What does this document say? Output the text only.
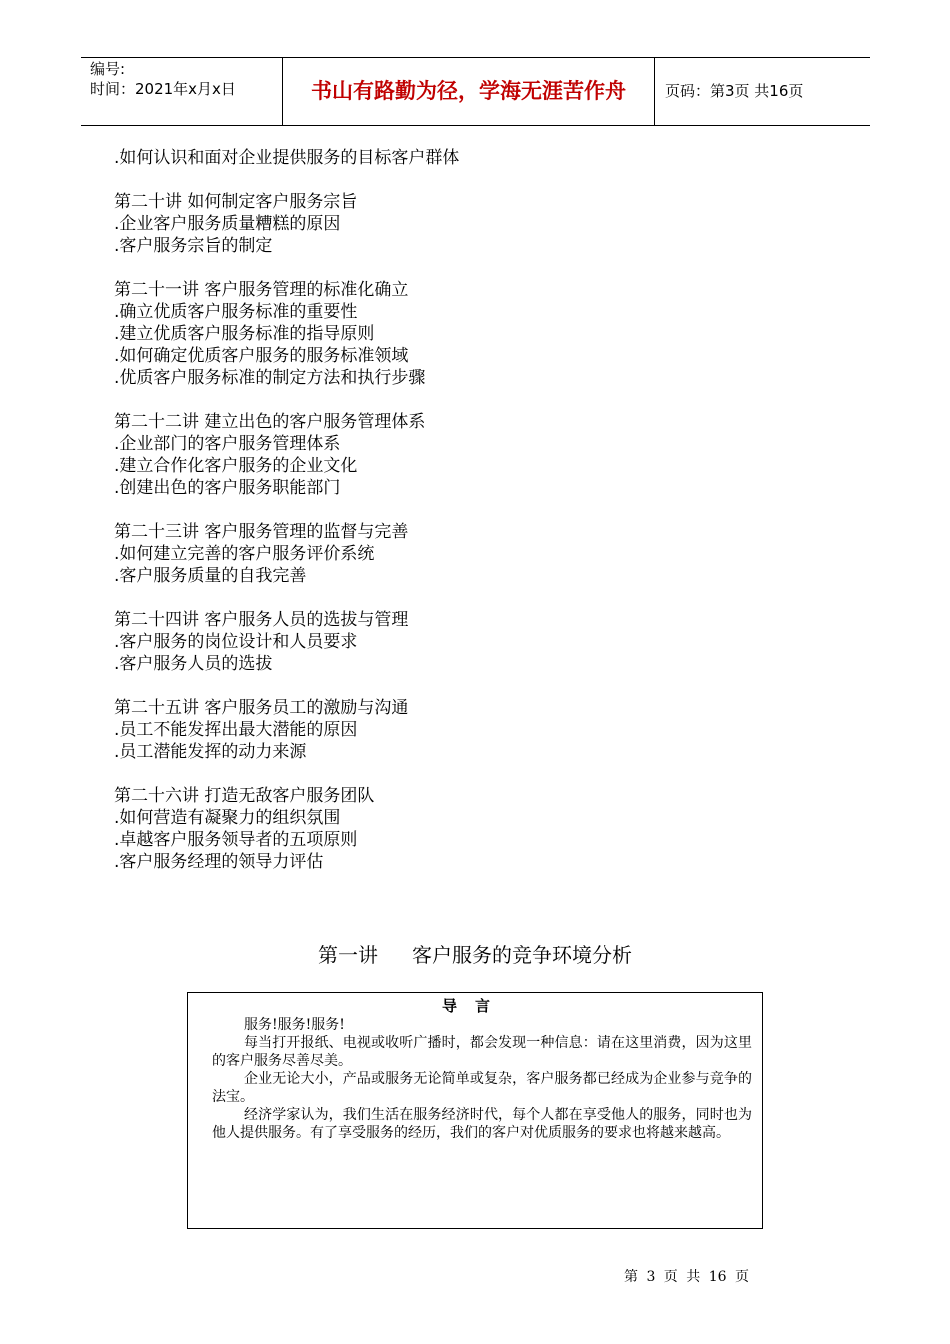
编号:
时间：2021年x月x日	书山有路勤为径，学海无涯苦作舟	页码：第3页 共16页
.如何认识和面对企业提供服务的目标客户群体
第二十讲 如何制定客户服务宗旨
.企业客户服务质量糟糕的原因
.客户服务宗旨的制定
第二十一讲 客户服务管理的标准化确立
.确立优质客户服务标准的重要性
.建立优质客户服务标准的指导原则
.如何确定优质客户服务的服务标准领域
.优质客户服务标准的制定方法和执行步骤
第二十二讲 建立出色的客户服务管理体系
.企业部门的客户服务管理体系
.建立合作化客户服务的企业文化
.创建出色的客户服务职能部门
第二十三讲 客户服务管理的监督与完善
.如何建立完善的客户服务评价系统
.客户服务质量的自我完善
第二十四讲 客户服务人员的选拔与管理
.客户服务的岗位设计和人员要求
.客户服务人员的选拔
第二十五讲 客户服务员工的激励与沟通
.员工不能发挥出最大潜能的原因
.员工潜能发挥的动力来源
第二十六讲 打造无敌客户服务团队
.如何营造有凝聚力的组织氛围
.卓越客户服务领导者的五项原则
.客户服务经理的领导力评估
第一讲 客户服务的竞争环境分析
导言

服务!服务!服务!

每当打开报纸、电视或收听广播时，都会发现一种信息：请在这里消费，因为这里的客户服务尽善尽美。

企业无论大小，产品或服务无论简单或复杂，客户服务都已经成为企业参与竞争的法宝。

经济学家认为，我们生活在服务经济时代，每个人都在享受他人的服务，同时也为他人提供服务。有了享受服务的经历，我们的客户对优质服务的要求也将越来越高。

第 3 页 共 16 页
